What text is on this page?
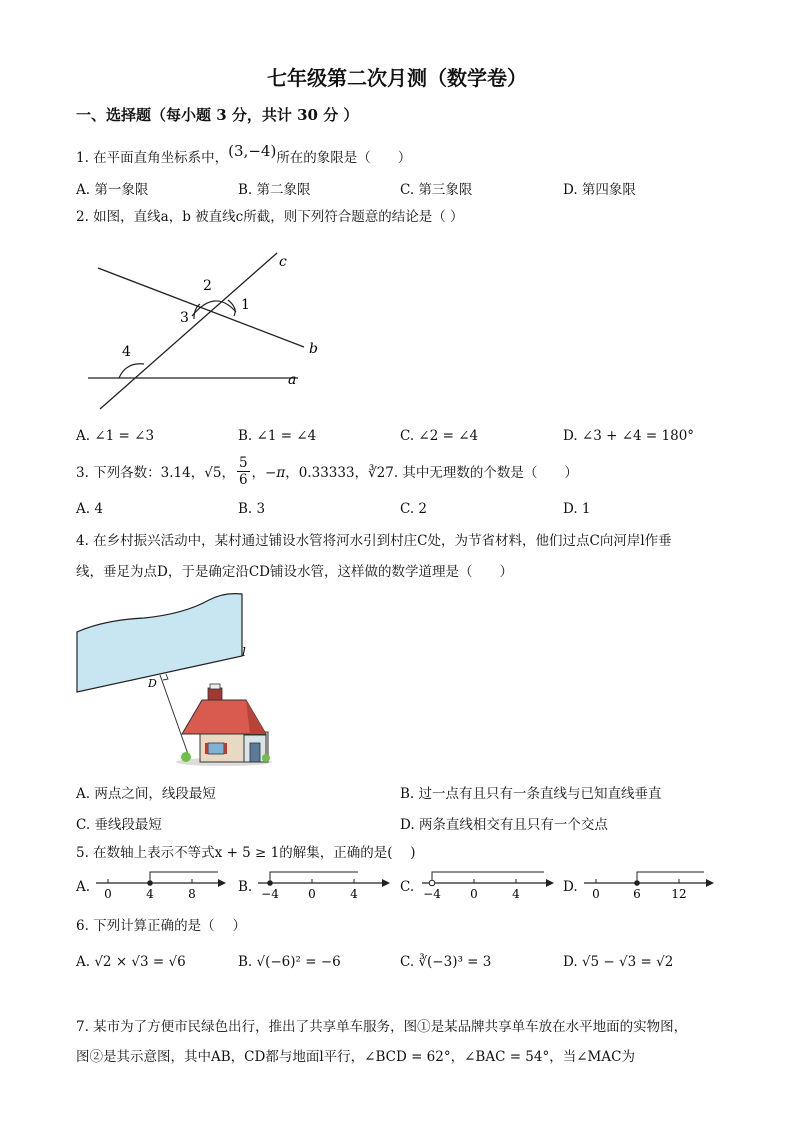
七年级第二次月测（数学卷）
一、选择题（每小题 3 分，共计 30 分 ）
1. 在平面直角坐标系中，(3,−4)所在的象限是（　　）
A. 第一象限	B. 第二象限	C. 第三象限	D. 第四象限
2. 如图，直线a，b 被直线c所截，则下列符合题意的结论是（ ）
c
b
a
1
2
3
4
A. ∠1 = ∠3	B. ∠1 = ∠4	C. ∠2 = ∠4	D. ∠3 + ∠4 = 180°
3. 下列各数：3.14，√5， $\frac{5}{6}$ ，−π，0.33333，∛27. 其中无理数的个数是（　　）
A. 4	B. 3	C. 2	D. 1
4. 在乡村振兴活动中，某村通过铺设水管将河水引到村庄C处，为节省材料，他们过点C向河岸l作垂
线，垂足为点D，于是确定沿CD铺设水管，这样做的数学道理是（　　）
l
D
A. 两点之间，线段最短	B. 过一点有且只有一条直线与已知直线垂直
C. 垂线段最短	D. 两条直线相交有且只有一个交点
5. 在数轴上表示不等式x + 5 ≥ 1的解集，正确的是(　 )
A. 0	4	8	B. −4 0	4	C. −4 0	4	D. 0	6	12
6. 下列计算正确的是（　 ）
A. √2 × √3 = √6	B. √(−6)² = −6	C. ∛(−3)³ = 3	D. √5 − √3 = √2
7. 某市为了方便市民绿色出行，推出了共享单车服务，图①是某品牌共享单车放在水平地面的实物图，
图②是其示意图，其中AB，CD都与地面l平行，∠BCD = 62°，∠BAC = 54°，当∠MAC为
